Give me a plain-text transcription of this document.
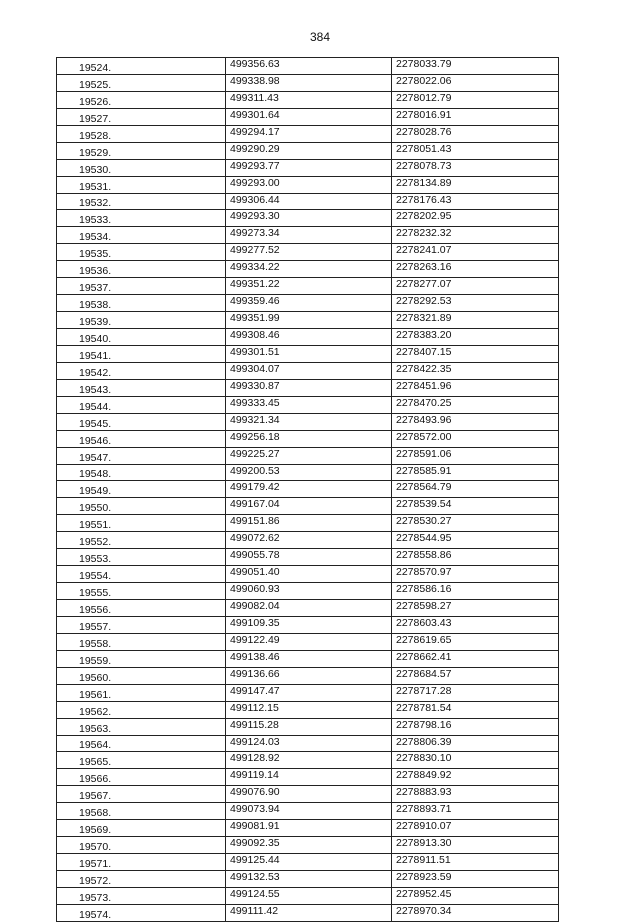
384
19524.	499356.63	2278033.79
19525.	499338.98	2278022.06
19526.	499311.43	2278012.79
19527.	499301.64	2278016.91
19528.	499294.17	2278028.76
19529.	499290.29	2278051.43
19530.	499293.77	2278078.73
19531.	499293.00	2278134.89
19532.	499306.44	2278176.43
19533.	499293.30	2278202.95
19534.	499273.34	2278232.32
19535.	499277.52	2278241.07
19536.	499334.22	2278263.16
19537.	499351.22	2278277.07
19538.	499359.46	2278292.53
19539.	499351.99	2278321.89
19540.	499308.46	2278383.20
19541.	499301.51	2278407.15
19542.	499304.07	2278422.35
19543.	499330.87	2278451.96
19544.	499333.45	2278470.25
19545.	499321.34	2278493.96
19546.	499256.18	2278572.00
19547.	499225.27	2278591.06
19548.	499200.53	2278585.91
19549.	499179.42	2278564.79
19550.	499167.04	2278539.54
19551.	499151.86	2278530.27
19552.	499072.62	2278544.95
19553.	499055.78	2278558.86
19554.	499051.40	2278570.97
19555.	499060.93	2278586.16
19556.	499082.04	2278598.27
19557.	499109.35	2278603.43
19558.	499122.49	2278619.65
19559.	499138.46	2278662.41
19560.	499136.66	2278684.57
19561.	499147.47	2278717.28
19562.	499112.15	2278781.54
19563.	499115.28	2278798.16
19564.	499124.03	2278806.39
19565.	499128.92	2278830.10
19566.	499119.14	2278849.92
19567.	499076.90	2278883.93
19568.	499073.94	2278893.71
19569.	499081.91	2278910.07
19570.	499092.35	2278913.30
19571.	499125.44	2278911.51
19572.	499132.53	2278923.59
19573.	499124.55	2278952.45
19574.	499111.42	2278970.34
